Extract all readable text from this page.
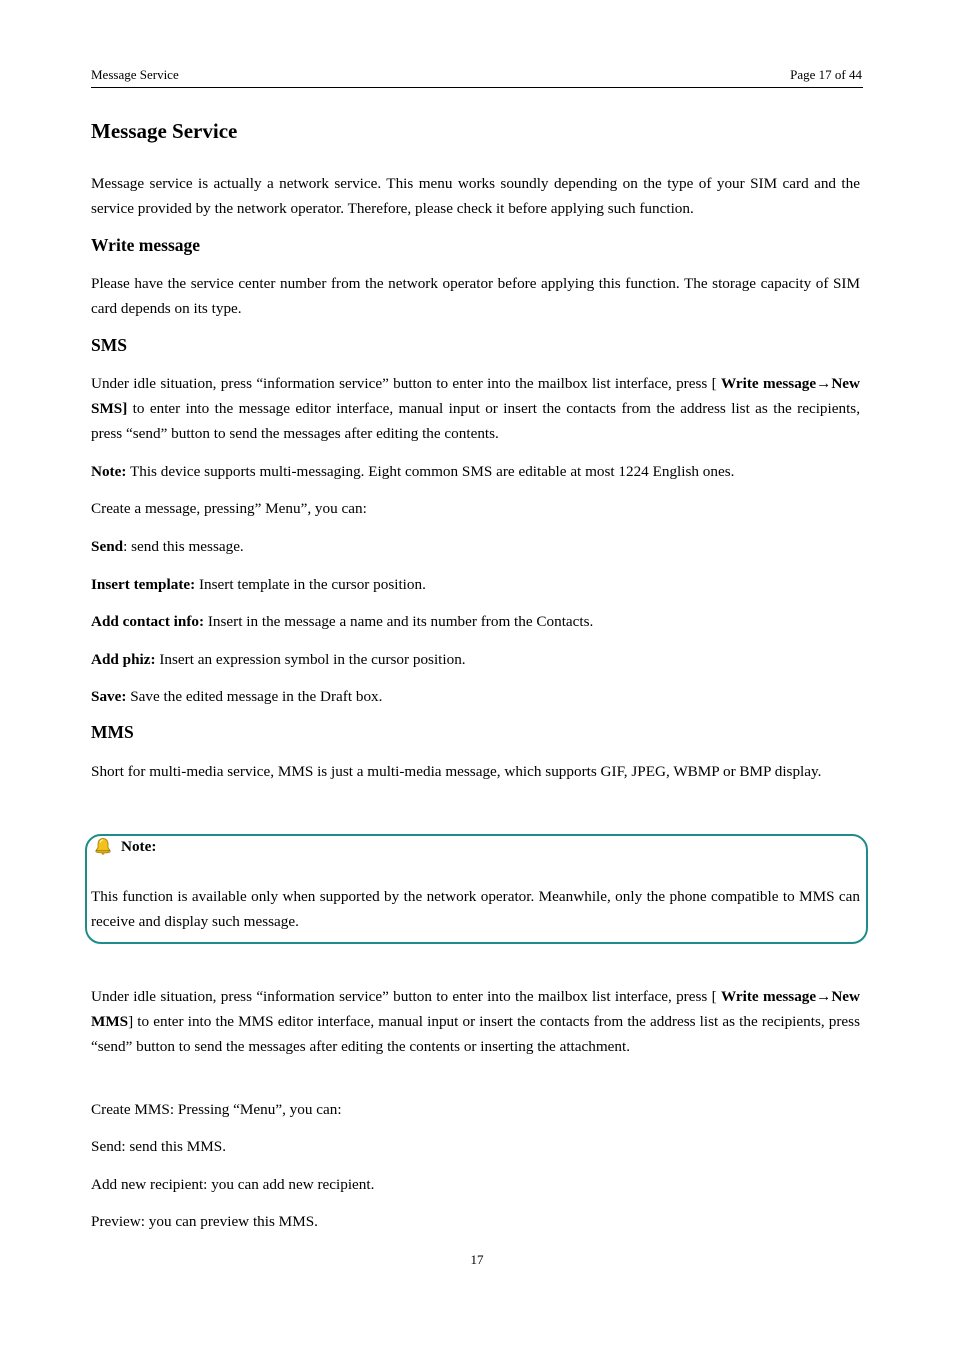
Message Service	Page 17 of 44
Message Service
Message service is actually a network service. This menu works soundly depending on the type of your SIM card and the service provided by the network operator. Therefore, please check it before applying such function.
Write message
Please have the service center number from the network operator before applying this function. The storage capacity of SIM card depends on its type.
SMS
Under idle situation, press “information service” button to enter into the mailbox list interface, press [ Write message→New SMS] to enter into the message editor interface, manual input or insert the contacts from the address list as the recipients, press “send” button to send the messages after editing the contents.
Note: This device supports multi-messaging. Eight common SMS are editable at most 1224 English ones.
Create a message, pressing” Menu”, you can:
Send: send this message.
Insert template: Insert template in the cursor position.
Add contact info: Insert in the message a name and its number from the Contacts.
Add phiz: Insert an expression symbol in the cursor position.
Save: Save the edited message in the Draft box.
MMS
Short for multi-media service, MMS is just a multi-media message, which supports GIF, JPEG, WBMP or BMP display.
Note:
This function is available only when supported by the network operator. Meanwhile, only the phone compatible to MMS can receive and display such message.
Under idle situation, press “information service” button to enter into the mailbox list interface, press [ Write message→New MMS] to enter into the MMS editor interface, manual input or insert the contacts from the address list as the recipients, press “send” button to send the messages after editing the contents or inserting the attachment.
Create MMS: Pressing “Menu”, you can:
Send: send this MMS.
Add new recipient: you can add new recipient.
Preview: you can preview this MMS.
17
